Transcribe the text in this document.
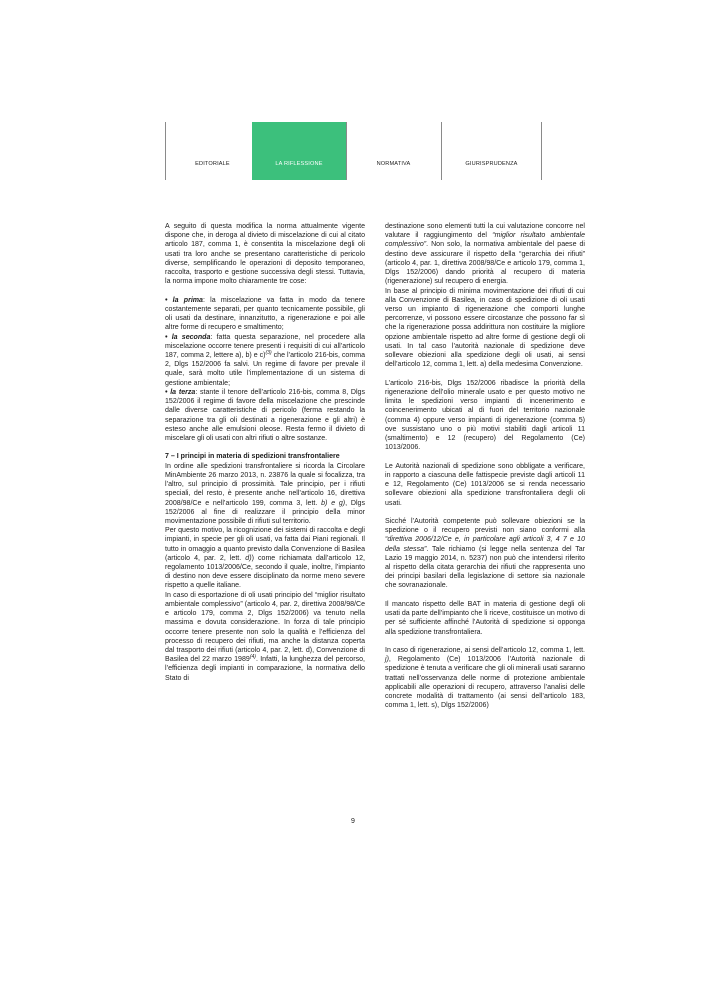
EDITORIALE	LA RIFLESSIONE	NORMATIVA	GIURISPRUDENZA

A seguito di questa modifica la norma attualmente vigente dispone che, in deroga al divieto di miscelazione di cui al citato articolo 187, comma 1, è consentita la miscelazione degli oli usati tra loro anche se presentano caratteristiche di pericolo diverse, semplificando le operazioni di deposito temporaneo, raccolta, trasporto e gestione successiva degli stessi. Tuttavia, la norma impone molto chiaramente tre cose:

• la prima: la miscelazione va fatta in modo da tenere costantemente separati, per quanto tecnicamente possibile, gli oli usati da destinare, innanzitutto, a rigenerazione e poi alle altre forme di recupero e smaltimento;

• la seconda: fatta questa separazione, nel procedere alla miscelazione occorre tenere presenti i requisiti di cui all’articolo 187, comma 2, lettere a), b) e c)$^{(3)}$ che l’articolo 216-bis, comma 2, Dlgs 152/2006 fa salvi. Un regime di favore per prevale il quale, sarà molto utile l’implementazione di un sistema di gestione ambientale;

• la terza: stante il tenore dell’articolo 216-bis, comma 8, Dlgs 152/2006 il regime di favore della miscelazione che prescinde dalle diverse caratteristiche di pericolo (ferma restando la separazione tra gli oli destinati a rigenerazione e gli altri) è esteso anche alle emulsioni oleose. Resta fermo il divieto di miscelare gli oli usati con altri rifiuti o altre sostanze.

7 – I principi in materia di spedizioni transfrontaliere

In ordine alle spedizioni transfrontaliere si ricorda la Circolare MinAmbiente 26 marzo 2013, n. 23876 la quale si focalizza, tra l’altro, sul principio di prossimità. Tale principio, per i rifiuti speciali, del resto, è presente anche nell’articolo 16, direttiva 2008/98/Ce e nell’articolo 199, comma 3, lett. b) e g), Dlgs 152/2006 al fine di realizzare il principio della minor movimentazione possibile di rifiuti sul territorio.

Per questo motivo, la ricognizione dei sistemi di raccolta e degli impianti, in specie per gli oli usati, va fatta dai Piani regionali. Il tutto in omaggio a quanto previsto dalla Convenzione di Basilea (articolo 4, par. 2, lett. d)) come richiamata dall’articolo 12, regolamento 1013/2006/Ce, secondo il quale, inoltre, l’impianto di destino non deve essere disciplinato da norme meno severe rispetto a quelle italiane.

In caso di esportazione di oli usati principio del “miglior risultato ambientale complessivo” (articolo 4, par. 2, direttiva 2008/98/Ce e articolo 179, comma 2, Dlgs 152/2006) va tenuto nella massima e dovuta considerazione. In forza di tale principio occorre tenere presente non solo la qualità e l’efficienza del processo di recupero dei rifiuti, ma anche la distanza coperta dal trasporto dei rifiuti (articolo 4, par. 2, lett. d), Convenzione di Basilea del 22 marzo 1989$^{(4)}$. Infatti, la lunghezza del percorso, l’efficienza degli impianti in comparazione, la normativa dello Stato di

destinazione sono elementi tutti la cui valutazione concorre nel valutare il raggiungimento del “miglior risultato ambientale complessivo”. Non solo, la normativa ambientale del paese di destino deve assicurare il rispetto della “gerarchia dei rifiuti” (articolo 4, par. 1, direttiva 2008/98/Ce e articolo 179, comma 1, Dlgs 152/2006) dando priorità al recupero di materia (rigenerazione) sul recupero di energia.

In base al principio di minima movimentazione dei rifiuti di cui alla Convenzione di Basilea, in caso di spedizione di oli usati verso un impianto di rigenerazione che comporti lunghe percorrenze, vi possono essere circostanze che possono far sì che la rigenerazione possa addirittura non costituire la migliore opzione ambientale rispetto ad altre forme di gestione degli oli usati. In tal caso l’autorità nazionale di spedizione deve sollevare obiezioni alla spedizione degli oli usati, ai sensi dell’articolo 12, comma 1, lett. a) della medesima Convenzione.

L’articolo 216-bis, Dlgs 152/2006 ribadisce la priorità della rigenerazione dell’olio minerale usato e per questo motivo ne limita le spedizioni verso impianti di incenerimento e coincenerimento ubicati al di fuori del territorio nazionale (comma 4) oppure verso impianti di rigenerazione (comma 5) ove sussistano uno o più motivi stabiliti dagli articoli 11 (smaltimento) e 12 (recupero) del Regolamento (Ce) 1013/2006.

Le Autorità nazionali di spedizione sono obbligate a verificare, in rapporto a ciascuna delle fattispecie previste dagli articoli 11 e 12, Regolamento (Ce) 1013/2006 se si renda necessario sollevare obiezioni alla spedizione transfrontaliera degli oli usati.

Sicché l’Autorità competente può sollevare obiezioni se la spedizione o il recupero previsti non siano conformi alla “direttiva 2006/12/Ce e, in particolare agli articoli 3, 4 7 e 10 della stessa”. Tale richiamo (si legge nella sentenza del Tar Lazio 19 maggio 2014, n. 5237) non può che intendersi riferito al rispetto della citata gerarchia dei rifiuti che rappresenta uno dei principi basilari della legislazione di settore sia nazionale che sovranazionale.

Il mancato rispetto delle BAT in materia di gestione degli oli usati da parte dell’impianto che li riceve, costituisce un motivo di per sé sufficiente affinché l’Autorità di spedizione si opponga alla spedizione transfrontaliera.

In caso di rigenerazione, ai sensi dell’articolo 12, comma 1, lett. j), Regolamento (Ce) 1013/2006 l’Autorità nazionale di spedizione è tenuta a verificare che gli oli minerali usati saranno trattati nell’osservanza delle norme di protezione ambientale applicabili alle operazioni di recupero, attraverso l’analisi delle concrete modalità di trattamento (ai sensi dell’articolo 183, comma 1, lett. s), Dlgs 152/2006)

9
